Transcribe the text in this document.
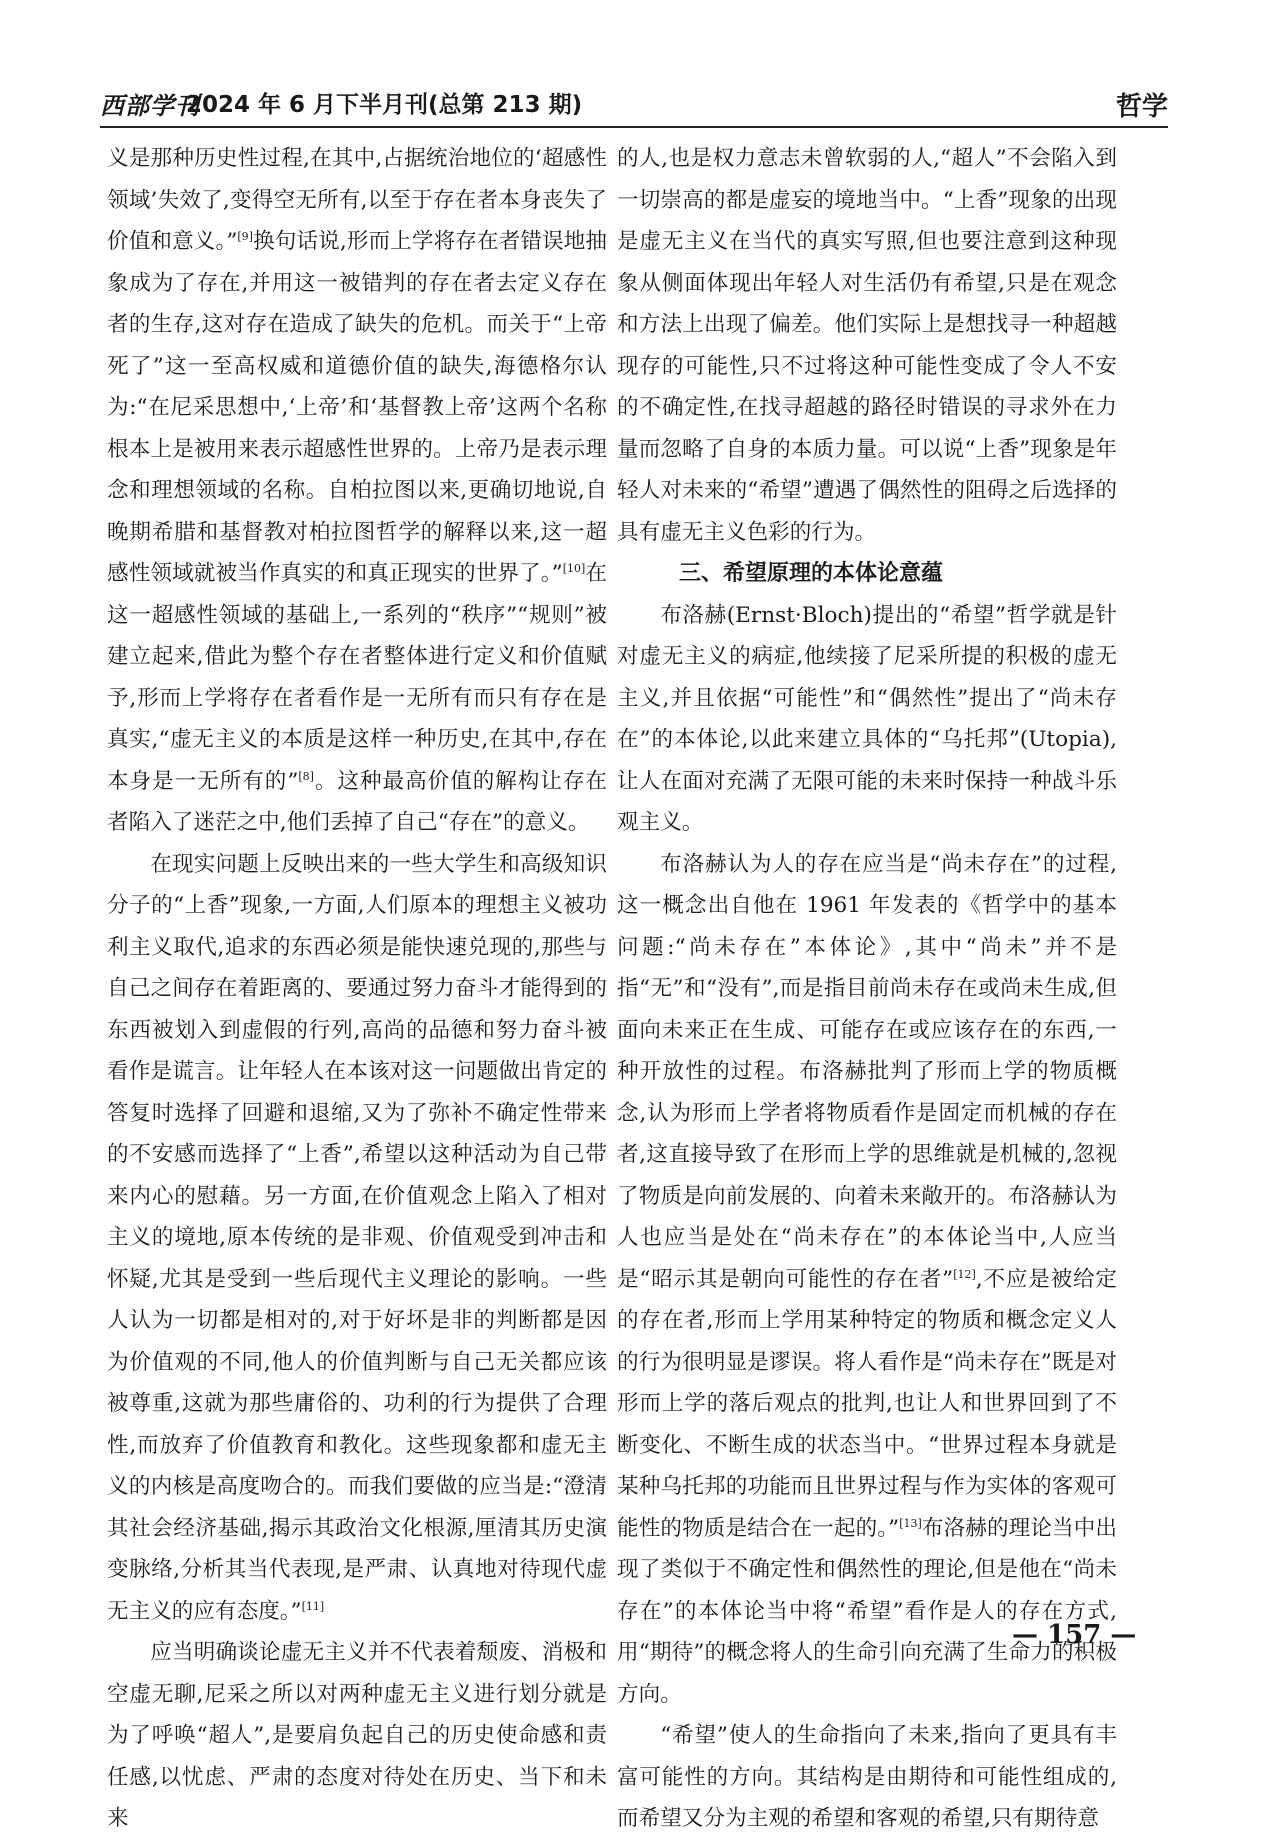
西部学刊
2024 年 6 月下半月刊(总第 213 期)	哲学

义是那种历史性过程,在其中,占据统治地位的‘超感性领域’失效了,变得空无所有,以至于存在者本身丧失了价值和意义。”[9]换句话说,形而上学将存在者错误地抽象成为了存在,并用这一被错判的存在者去定义存在者的生存,这对存在造成了缺失的危机。而关于“上帝死了”这一至高权威和道德价值的缺失,海德格尔认为:“在尼采思想中,‘上帝’和‘基督教上帝’这两个名称根本上是被用来表示超感性世界的。上帝乃是表示理念和理想领域的名称。自柏拉图以来,更确切地说,自晚期希腊和基督教对柏拉图哲学的解释以来,这一超感性领域就被当作真实的和真正现实的世界了。”[10]在这一超感性领域的基础上,一系列的“秩序”“规则”被建立起来,借此为整个存在者整体进行定义和价值赋予,形而上学将存在者看作是一无所有而只有存在是真实,“虚无主义的本质是这样一种历史,在其中,存在本身是一无所有的”[8]。这种最高价值的解构让存在者陷入了迷茫之中,他们丢掉了自己“存在”的意义。

在现实问题上反映出来的一些大学生和高级知识分子的“上香”现象,一方面,人们原本的理想主义被功利主义取代,追求的东西必须是能快速兑现的,那些与自己之间存在着距离的、要通过努力奋斗才能得到的东西被划入到虚假的行列,高尚的品德和努力奋斗被看作是谎言。让年轻人在本该对这一问题做出肯定的答复时选择了回避和退缩,又为了弥补不确定性带来的不安感而选择了“上香”,希望以这种活动为自己带来内心的慰藉。另一方面,在价值观念上陷入了相对主义的境地,原本传统的是非观、价值观受到冲击和怀疑,尤其是受到一些后现代主义理论的影响。一些人认为一切都是相对的,对于好坏是非的判断都是因为价值观的不同,他人的价值判断与自己无关都应该被尊重,这就为那些庸俗的、功利的行为提供了合理性,而放弃了价值教育和教化。这些现象都和虚无主义的内核是高度吻合的。而我们要做的应当是:“澄清其社会经济基础,揭示其政治文化根源,厘清其历史演变脉络,分析其当代表现,是严肃、认真地对待现代虚无主义的应有态度。”[11]

应当明确谈论虚无主义并不代表着颓废、消极和空虚无聊,尼采之所以对两种虚无主义进行划分就是为了呼唤“超人”,是要肩负起自己的历史使命感和责任感,以忧虑、严肃的态度对待处在历史、当下和未来

的人,也是权力意志未曾软弱的人,“超人”不会陷入到一切崇高的都是虚妄的境地当中。“上香”现象的出现是虚无主义在当代的真实写照,但也要注意到这种现象从侧面体现出年轻人对生活仍有希望,只是在观念和方法上出现了偏差。他们实际上是想找寻一种超越现存的可能性,只不过将这种可能性变成了令人不安的不确定性,在找寻超越的路径时错误的寻求外在力量而忽略了自身的本质力量。可以说“上香”现象是年轻人对未来的“希望”遭遇了偶然性的阻碍之后选择的具有虚无主义色彩的行为。

三、希望原理的本体论意蕴

布洛赫(Ernst·Bloch)提出的“希望”哲学就是针对虚无主义的病症,他续接了尼采所提的积极的虚无主义,并且依据“可能性”和“偶然性”提出了“尚未存在”的本体论,以此来建立具体的“乌托邦”(Utopia),让人在面对充满了无限可能的未来时保持一种战斗乐观主义。

布洛赫认为人的存在应当是“尚未存在”的过程,这一概念出自他在 1961 年发表的《哲学中的基本问题:“尚未存在”本体论》,其中“尚未”并不是指“无”和“没有”,而是指目前尚未存在或尚未生成,但面向未来正在生成、可能存在或应该存在的东西,一种开放性的过程。布洛赫批判了形而上学的物质概念,认为形而上学者将物质看作是固定而机械的存在者,这直接导致了在形而上学的思维就是机械的,忽视了物质是向前发展的、向着未来敞开的。布洛赫认为人也应当是处在“尚未存在”的本体论当中,人应当是“昭示其是朝向可能性的存在者”[12],不应是被给定的存在者,形而上学用某种特定的物质和概念定义人的行为很明显是谬误。将人看作是“尚未存在”既是对形而上学的落后观点的批判,也让人和世界回到了不断变化、不断生成的状态当中。“世界过程本身就是某种乌托邦的功能而且世界过程与作为实体的客观可能性的物质是结合在一起的。”[13]布洛赫的理论当中出现了类似于不确定性和偶然性的理论,但是他在“尚未存在”的本体论当中将“希望”看作是人的存在方式,用“期待”的概念将人的生命引向充满了生命力的积极方向。

“希望”使人的生命指向了未来,指向了更具有丰富可能性的方向。其结构是由期待和可能性组成的,而希望又分为主观的希望和客观的希望,只有期待意

— 157 —
